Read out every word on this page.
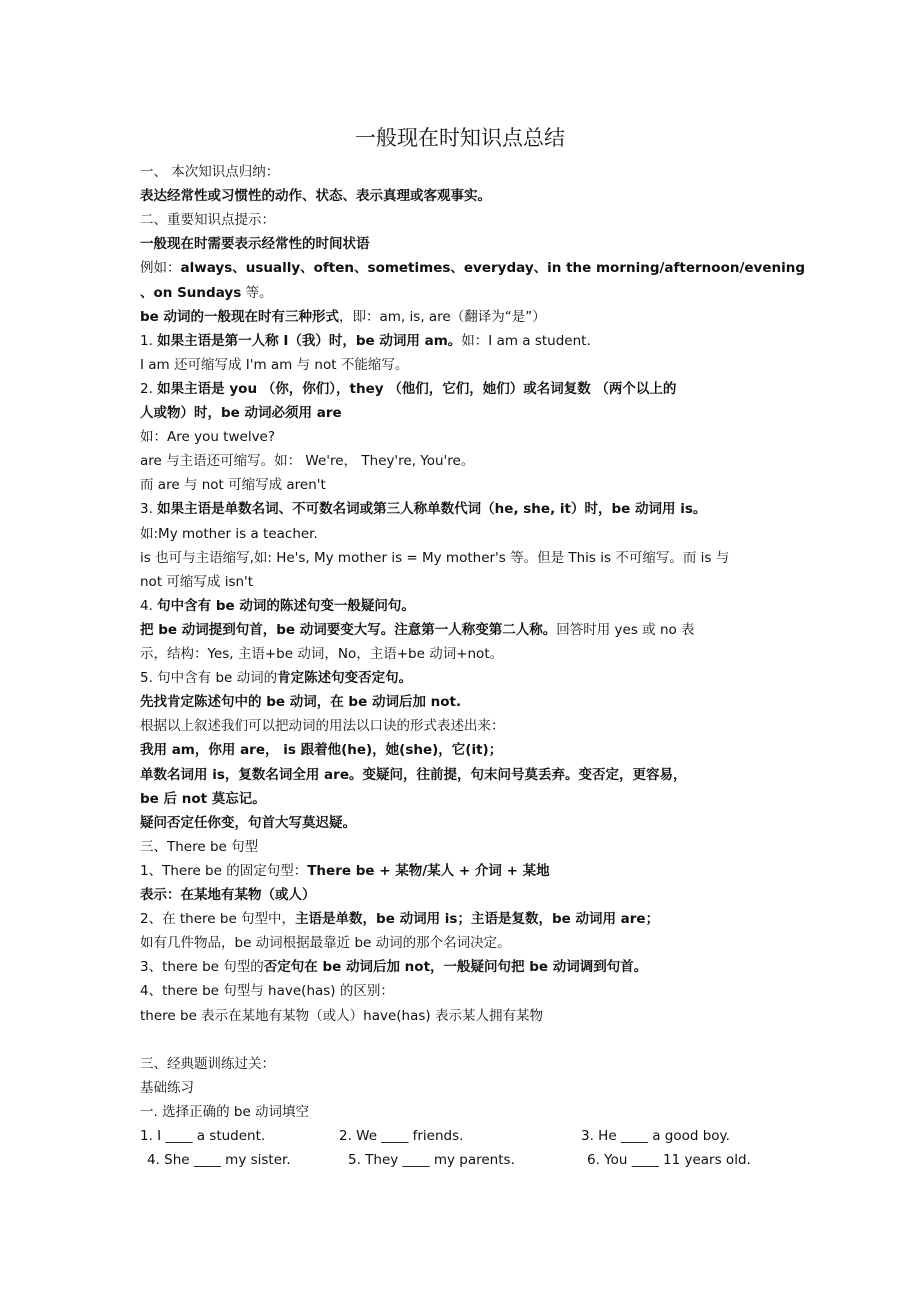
一般现在时知识点总结
一、 本次知识点归纳：
表达经常性或习惯性的动作、状态、表示真理或客观事实。
二、重要知识点提示：
一般现在时需要表示经常性的时间状语
例如：always、usually、often、sometimes、everyday、in the morning/afternoon/evening
、on Sundays 等。
be 动词的一般现在时有三种形式，即：am, is, are（翻译为“是”）
1. 如果主语是第一人称 I（我）时，be 动词用 am。如：I am a student.
I am 还可缩写成 I'm am 与 not 不能缩写。
2. 如果主语是 you （你，你们），they （他们，它们，她们）或名词复数 （两个以上的
人或物）时，be 动词必须用 are
如：Are you twelve?
are 与主语还可缩写。如： We're， They're, You're。
而 are 与 not 可缩写成 aren't
3. 如果主语是单数名词、不可数名词或第三人称单数代词（he, she, it）时，be 动词用 is。
如:My mother is a teacher.
is 也可与主语缩写,如: He's, My mother is = My mother's 等。但是 This is 不可缩写。而 is 与
not 可缩写成 isn't
4. 句中含有 be 动词的陈述句变一般疑问句。
把 be 动词提到句首，be 动词要变大写。注意第一人称变第二人称。回答时用 yes 或 no 表
示，结构：Yes, 主语+be 动词，No，主语+be 动词+not。
5. 句中含有 be 动词的肯定陈述句变否定句。
先找肯定陈述句中的 be 动词，在 be 动词后加 not.
根据以上叙述我们可以把动词的用法以口诀的形式表述出来：
我用 am，你用 are， is 跟着他(he)，她(she)，它(it)；
单数名词用 is，复数名词全用 are。变疑问，往前提，句末问号莫丢弃。变否定，更容易，
be 后 not 莫忘记。
疑问否定任你变，句首大写莫迟疑。
三、There be 句型
1、There be 的固定句型：There be + 某物/某人 + 介词 + 某地
表示：在某地有某物（或人）
2、在 there be 句型中，主语是单数，be 动词用 is；主语是复数，be 动词用 are；
如有几件物品，be 动词根据最靠近 be 动词的那个名词决定。
3、there be 句型的否定句在 be 动词后加 not，一般疑问句把 be 动词调到句首。
4、there be 句型与 have(has) 的区别：
there be 表示在某地有某物（或人）have(has) 表示某人拥有某物
三、经典题训练过关：
基础练习
一. 选择正确的 be 动词填空
1. I ____ a student.	2. We ____ friends.	3. He ____ a good boy.
4. She ____ my sister.	5. They ____ my parents.	6. You ____ 11 years old.
